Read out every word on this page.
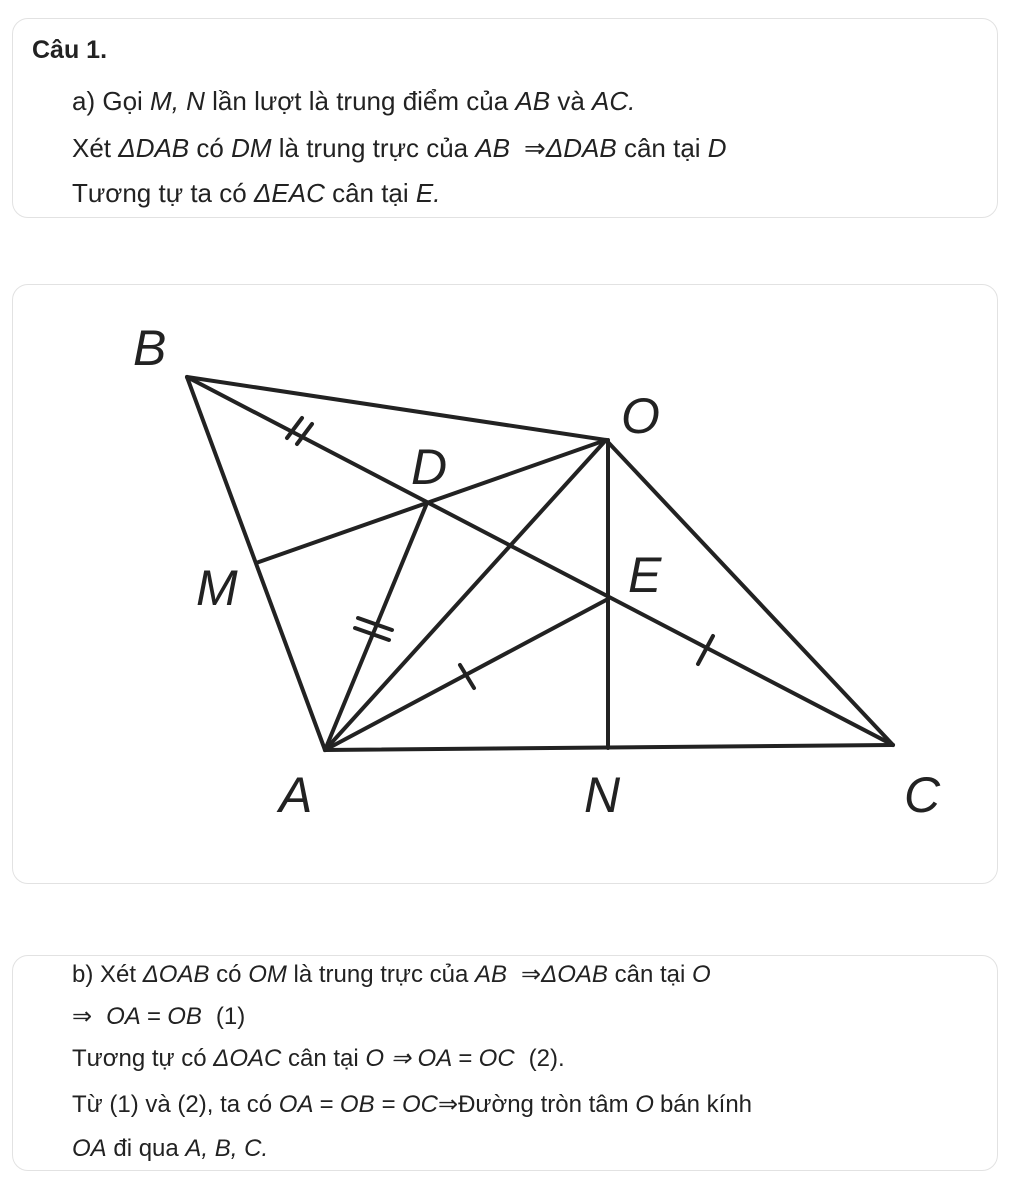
Câu 1.
a) Gọi M, N lần lượt là trung điểm của AB và AC.
Xét ΔDAB có DM là trung trực của AB ⇒ΔDAB cân tại D
Tương tự ta có ΔEAC cân tại E.
B
O
D
M	E
A	N	C
b) Xét ΔOAB có OM là trung trực của AB ⇒ΔOAB cân tại O
⇒ OA = OB (1)
Tương tự có ΔOAC cân tại O ⇒ OA = OC (2).
Từ (1) và (2), ta có OA = OB = OC⇒Đường tròn tâm O bán kính
OA đi qua A, B, C.
